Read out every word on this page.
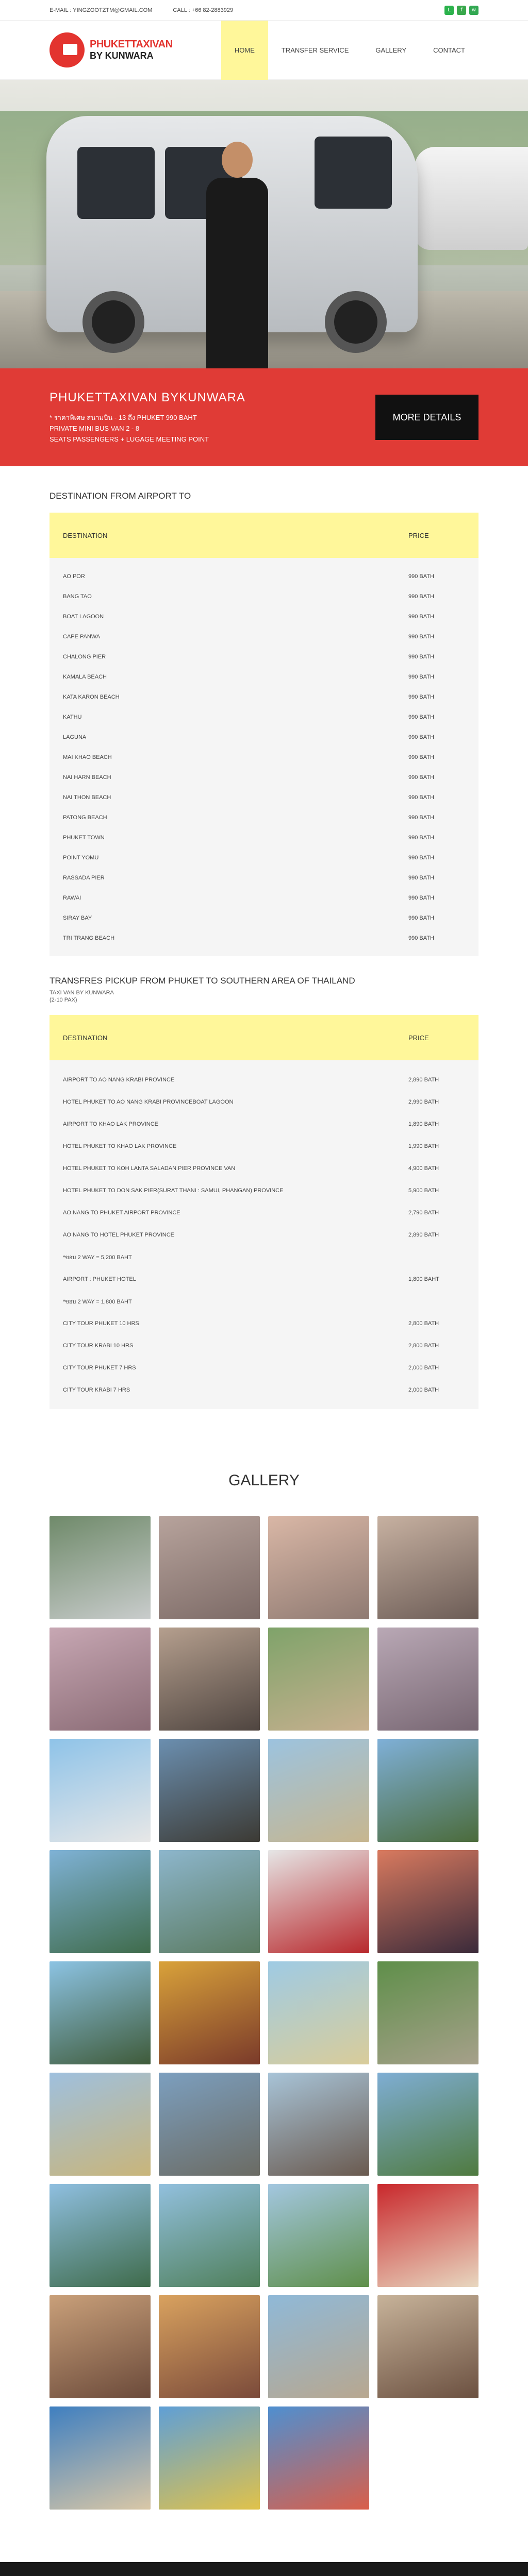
E-MAIL : YINGZOOTZTM@GMAIL.COM	CALL : +66 82-2883929	L	f	w
PHUKETTAXIVAN
BY KUNWARA
HOME	TRANSFER SERVICE	GALLERY	CONTACT
PHUKETTAXIVAN BYKUNWARA

* ราคาพิเศษ สนามบิน - 13 ถึง PHUKET 990 BAHT

PRIVATE MINI BUS VAN 2 - 8

SEATS PASSENGERS + LUGAGE MEETING POINT

MORE DETAILS
DESTINATION FROM AIRPORT TO
DESTINATION	PRICE
AO POR	990 BATH
BANG TAO	990 BATH
BOAT LAGOON	990 BATH
CAPE PANWA	990 BATH
CHALONG PIER	990 BATH
KAMALA BEACH	990 BATH
KATA KARON BEACH	990 BATH
KATHU	990 BATH
LAGUNA	990 BATH
MAI KHAO BEACH	990 BATH
NAI HARN BEACH	990 BATH
NAI THON BEACH	990 BATH
PATONG BEACH	990 BATH
PHUKET TOWN	990 BATH
POINT YOMU	990 BATH
RASSADA PIER	990 BATH
RAWAI	990 BATH
SIRAY BAY	990 BATH
TRI TRANG BEACH	990 BATH
TRANSFRES PICKUP FROM PHUKET TO SOUTHERN AREA OF THAILAND
TAXI VAN BY KUNWARA
(2-10 PAX)
DESTINATION	PRICE
AIRPORT TO AO NANG KRABI PROVINCE	2,890 BATH
HOTEL PHUKET TO AO NANG KRABI PROVINCEBOAT LAGOON	2,990 BATH
AIRPORT TO KHAO LAK PROVINCE	1,890 BATH
HOTEL PHUKET TO KHAO LAK PROVINCE	1,990 BATH
HOTEL PHUKET TO KOH LANTA SALADAN PIER PROVINCE VAN	4,900 BATH
HOTEL PHUKET TO DON SAK PIER(SURAT THANI : SAMUI, PHANGAN) PROVINCE	5,900 BATH
AO NANG TO PHUKET AIRPORT PROVINCE	2,790 BATH
AO NANG TO HOTEL PHUKET PROVINCE	2,890 BATH
*ขอบ 2 WAY = 5,200 BAHT
AIRPORT : PHUKET HOTEL	1,800 BAHT
*ขอบ 2 WAY = 1,800 BAHT
CITY TOUR PHUKET 10 HRS	2,800 BATH
CITY TOUR KRABI 10 HRS	2,800 BATH
CITY TOUR PHUKET 7 HRS	2,000 BATH
CITY TOUR KRABI 7 HRS	2,000 BATH
GALLERY
